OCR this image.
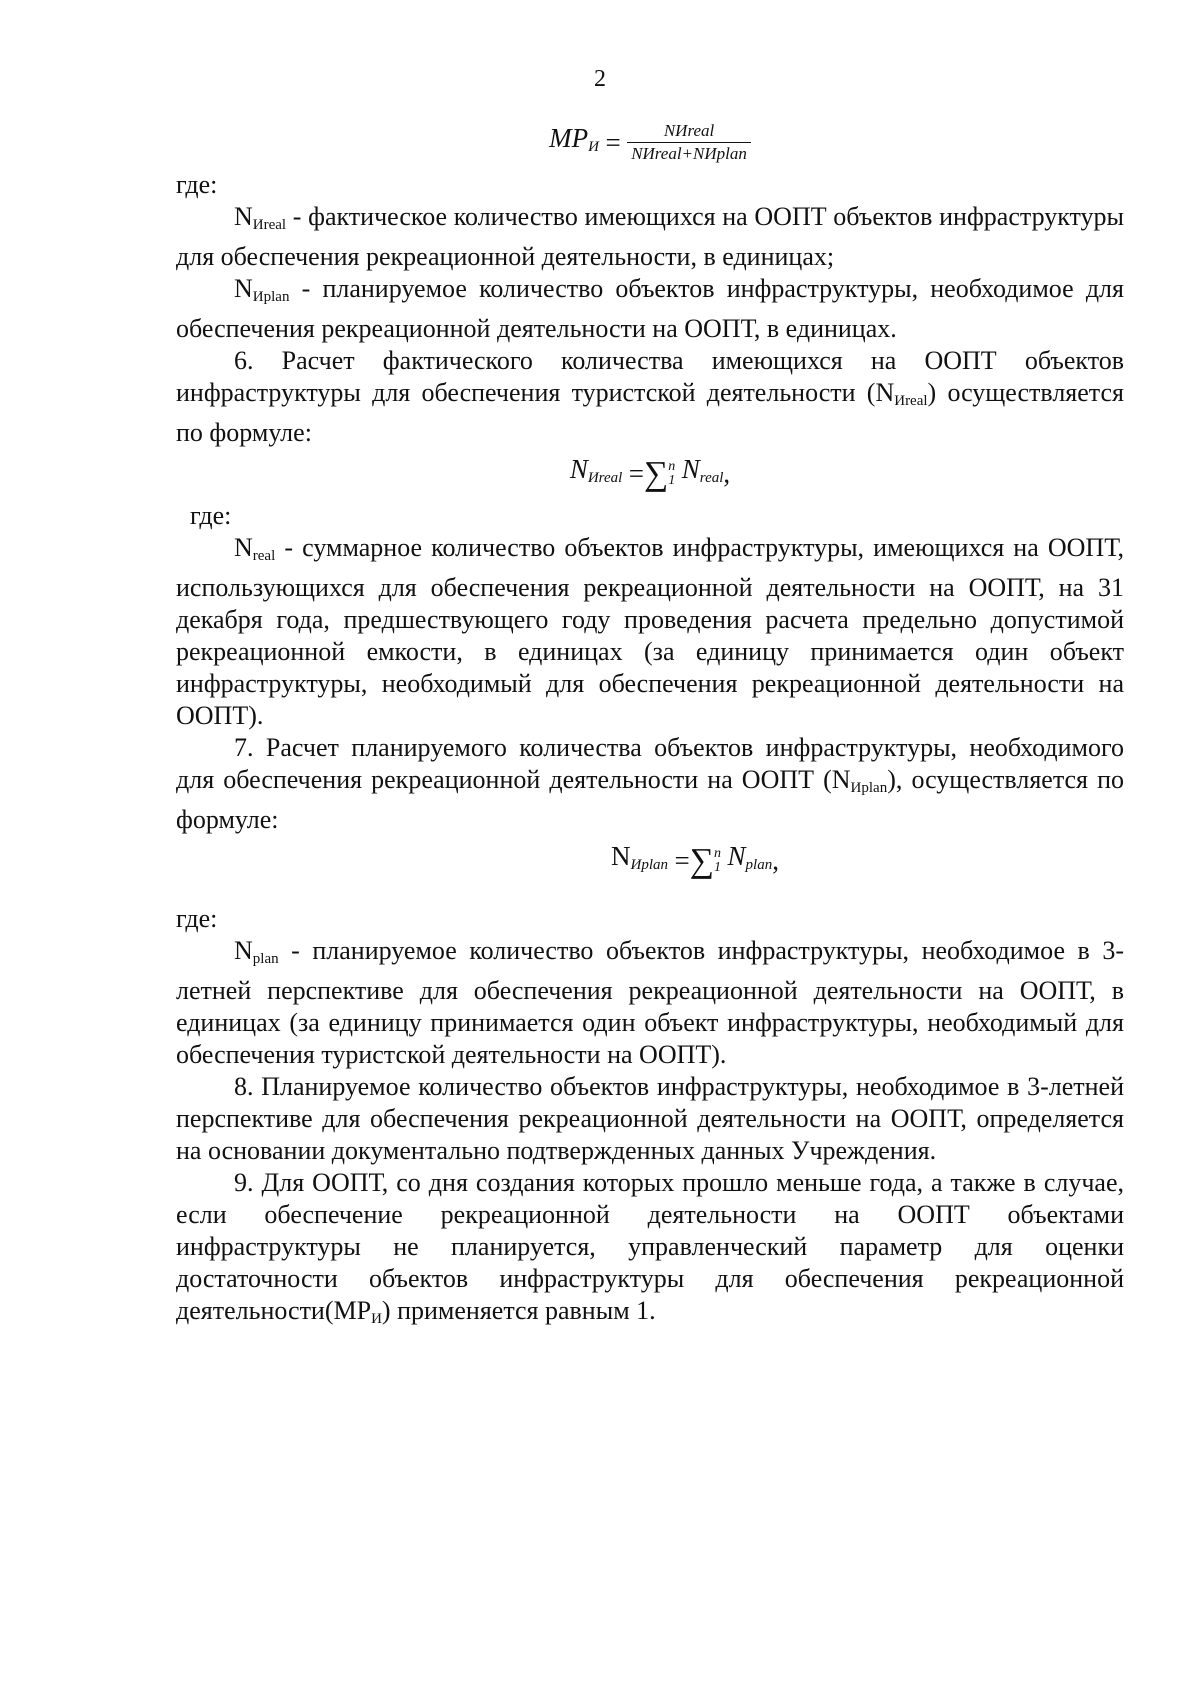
2
$MP_И = \frac{\text{NИreal}}{\text{NИreal+NИplan}}$

где:

$N_{Иreal}$ - фактическое количество имеющихся на ООПТ объектов инфраструктуры для обеспечения рекреационной деятельности, в единицах;

$N_{Иplan}$ - планируемое количество объектов инфраструктуры, необходимое для обеспечения рекреационной деятельности на ООПТ, в единицах.

6. Расчет фактического количества имеющихся на ООПТ объектов инфраструктуры для обеспечения туристской деятельности $(N_{Иreal})$ осуществляется по формуле:

$N_{Иreal}$ =∑ n
1 $N_{real}$,

где:

$N_{real}$ - суммарное количество объектов инфраструктуры, имеющихся на ООПТ, использующихся для обеспечения рекреационной деятельности на ООПТ, на 31 декабря года, предшествующего году проведения расчета предельно допустимой рекреационной емкости, в единицах (за единицу принимается один объект инфраструктуры, необходимый для обеспечения рекреационной деятельности на ООПТ).

7. Расчет планируемого количества объектов инфраструктуры, необходимого для обеспечения рекреационной деятельности на ООПТ $(N_{Иplan})$, осуществляется по формуле:

$N_{Иplan}$ =∑ n
1 $N_{plan}$,

где:

$N_{plan}$ - планируемое количество объектов инфраструктуры, необходимое в 3-летней перспективе для обеспечения рекреационной деятельности на ООПТ, в единицах (за единицу принимается один объект инфраструктуры, необходимый для обеспечения туристской деятельности на ООПТ).

8. Планируемое количество объектов инфраструктуры, необходимое в 3-летней перспективе для обеспечения рекреационной деятельности на ООПТ, определяется на основании документально подтвержденных данных Учреждения.

9. Для ООПТ, со дня создания которых прошло меньше года, а также в случае, если обеспечение рекреационной деятельности на ООПТ объектами инфраструктуры не планируется, управленческий параметр для оценки достаточности объектов инфраструктуры для обеспечения рекреационной $деятельности(MP_И)$ применяется равным 1.
